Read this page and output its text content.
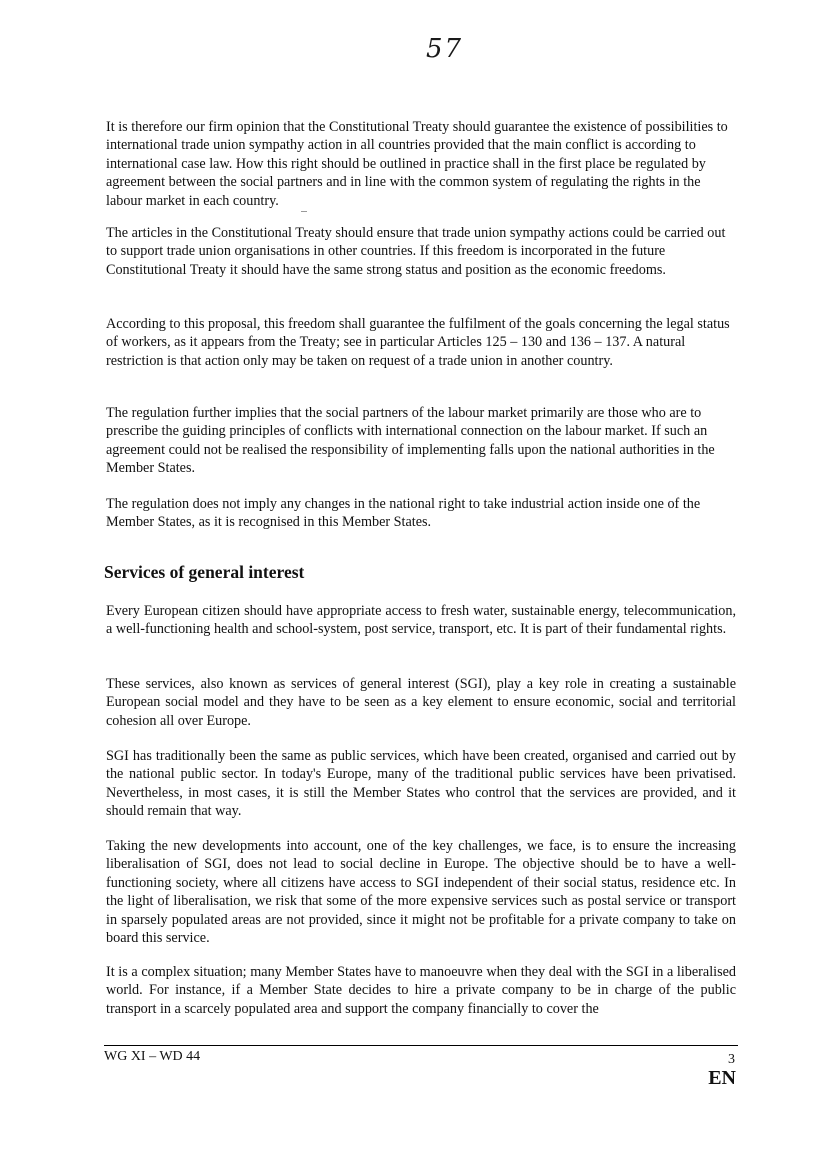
57

It is therefore our firm opinion that the Constitutional Treaty should guarantee the existence of possibilities to international trade union sympathy action in all countries provided that the main conflict is according to international case law. How this right should be outlined in practice shall in the first place be regulated by agreement between the social partners and in line with the common system of regulating the rights in the labour market in each country.

The articles in the Constitutional Treaty should ensure that trade union sympathy actions could be carried out to support trade union organisations in other countries. If this freedom is incorporated in the future Constitutional Treaty it should have the same strong status and position as the economic freedoms.

According to this proposal, this freedom shall guarantee the fulfilment of the goals concerning the legal status of workers, as it appears from the Treaty; see in particular Articles 125 – 130 and 136 – 137. A natural restriction is that action only may be taken on request of a trade union in another country.

The regulation further implies that the social partners of the labour market primarily are those who are to prescribe the guiding principles of conflicts with international connection on the labour market. If such an agreement could not be realised the responsibility of implementing falls upon the national authorities in the Member States.

The regulation does not imply any changes in the national right to take industrial action inside one of the Member States, as it is recognised in this Member States.

Services of general interest

Every European citizen should have appropriate access to fresh water, sustainable energy, telecommunication, a well-functioning health and school-system, post service, transport, etc. It is part of their fundamental rights.

These services, also known as services of general interest (SGI), play a key role in creating a sustainable European social model and they have to be seen as a key element to ensure economic, social and territorial cohesion all over Europe.

SGI has traditionally been the same as public services, which have been created, organised and carried out by the national public sector. In today's Europe, many of the traditional public services have been privatised. Nevertheless, in most cases, it is still the Member States who control that the services are provided, and it should remain that way.

Taking the new developments into account, one of the key challenges, we face, is to ensure the increasing liberalisation of SGI, does not lead to social decline in Europe. The objective should be to have a well-functioning society, where all citizens have access to SGI independent of their social status, residence etc. In the light of liberalisation, we risk that some of the more expensive services such as postal service or transport in sparsely populated areas are not provided, since it might not be profitable for a private company to take on board this service.

It is a complex situation; many Member States have to manoeuvre when they deal with the SGI in a liberalised world. For instance, if a Member State decides to hire a private company to be in charge of the public transport in a scarcely populated area and support the company financially to cover the

WG XI – WD 44	3
EN
